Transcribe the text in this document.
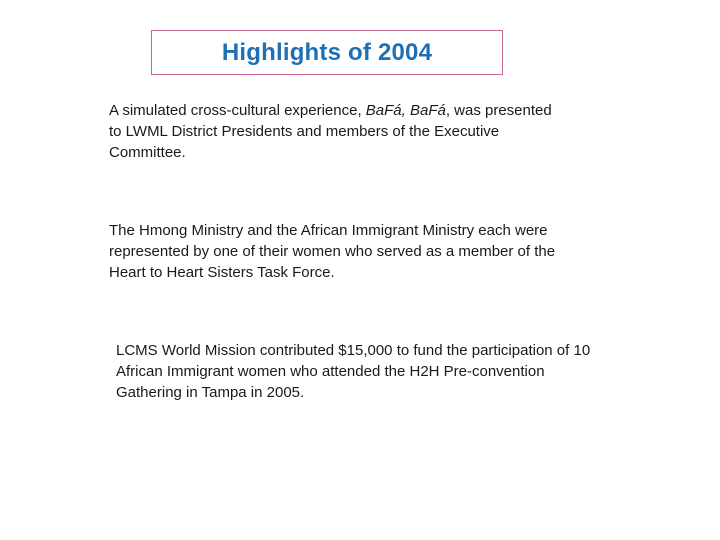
Highlights of 2004

A simulated cross-cultural experience, BaFá, BaFá, was presented to LWML District Presidents and members of the Executive Committee.

The Hmong Ministry and the African Immigrant Ministry each were represented by one of their women who served as a member of the Heart to Heart Sisters Task Force.

LCMS World Mission contributed $15,000 to fund the participation of 10 African Immigrant women who attended the H2H Pre-convention Gathering in Tampa in 2005.
